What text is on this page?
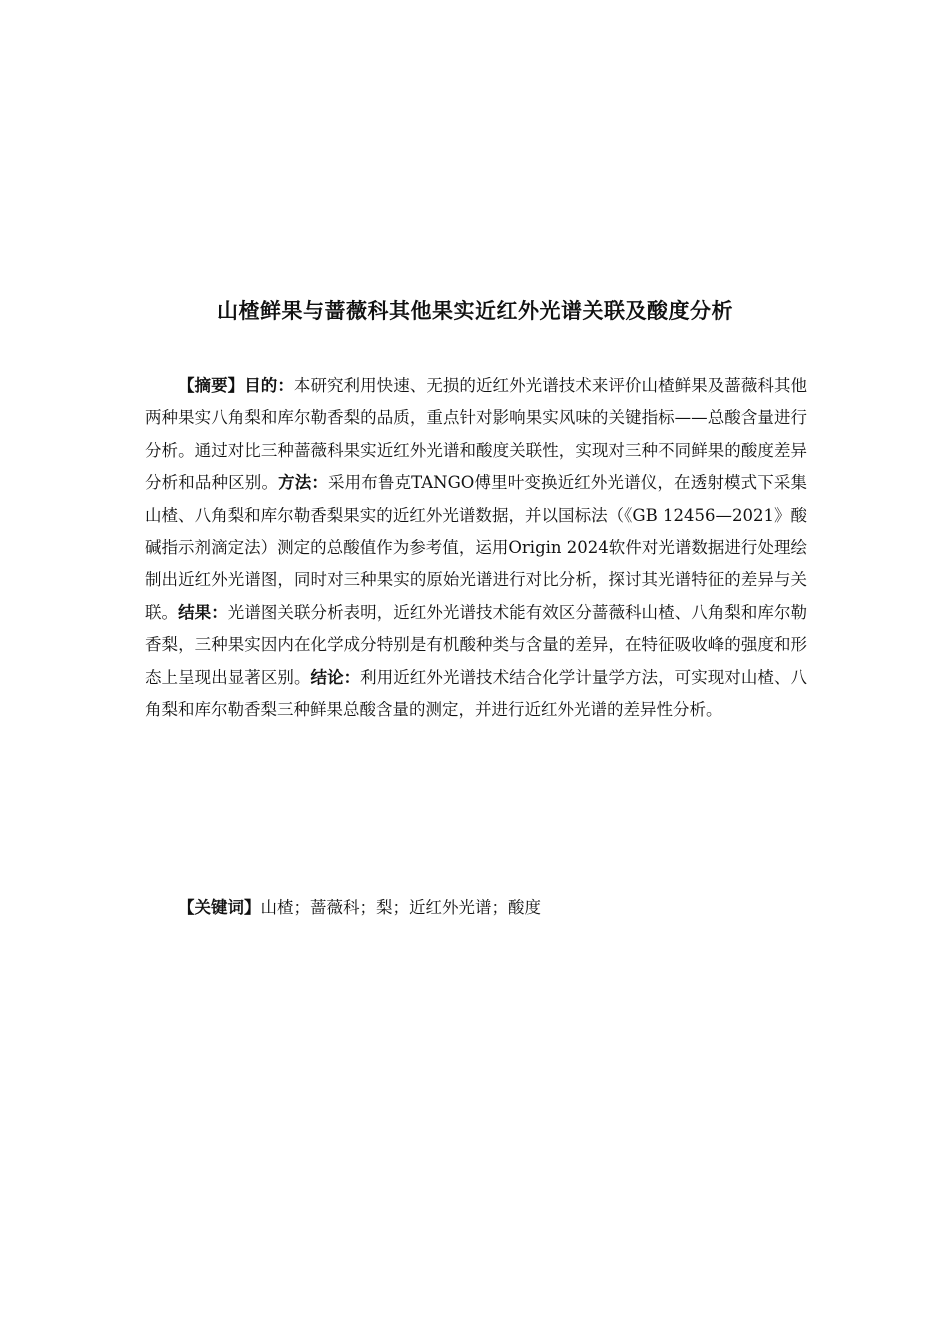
山楂鲜果与蔷薇科其他果实近红外光谱关联及酸度分析

【摘要】目的：本研究利用快速、无损的近红外光谱技术来评价山楂鲜果及蔷薇科其他两种果实八角梨和库尔勒香梨的品质，重点针对影响果实风味的关键指标——总酸含量进行分析。通过对比三种蔷薇科果实近红外光谱和酸度关联性，实现对三种不同鲜果的酸度差异分析和品种区别。方法：采用布鲁克TANGO傅里叶变换近红外光谱仪，在透射模式下采集山楂、八角梨和库尔勒香梨果实的近红外光谱数据，并以国标法（《GB 12456—2021》酸碱指示剂滴定法）测定的总酸值作为参考值，运用Origin 2024软件对光谱数据进行处理绘制出近红外光谱图，同时对三种果实的原始光谱进行对比分析，探讨其光谱特征的差异与关联。结果：光谱图关联分析表明，近红外光谱技术能有效区分蔷薇科山楂、八角梨和库尔勒香梨，三种果实因内在化学成分特别是有机酸种类与含量的差异，在特征吸收峰的强度和形态上呈现出显著区别。结论：利用近红外光谱技术结合化学计量学方法，可实现对山楂、八角梨和库尔勒香梨三种鲜果总酸含量的测定，并进行近红外光谱的差异性分析。

【关键词】山楂；蔷薇科；梨；近红外光谱；酸度
